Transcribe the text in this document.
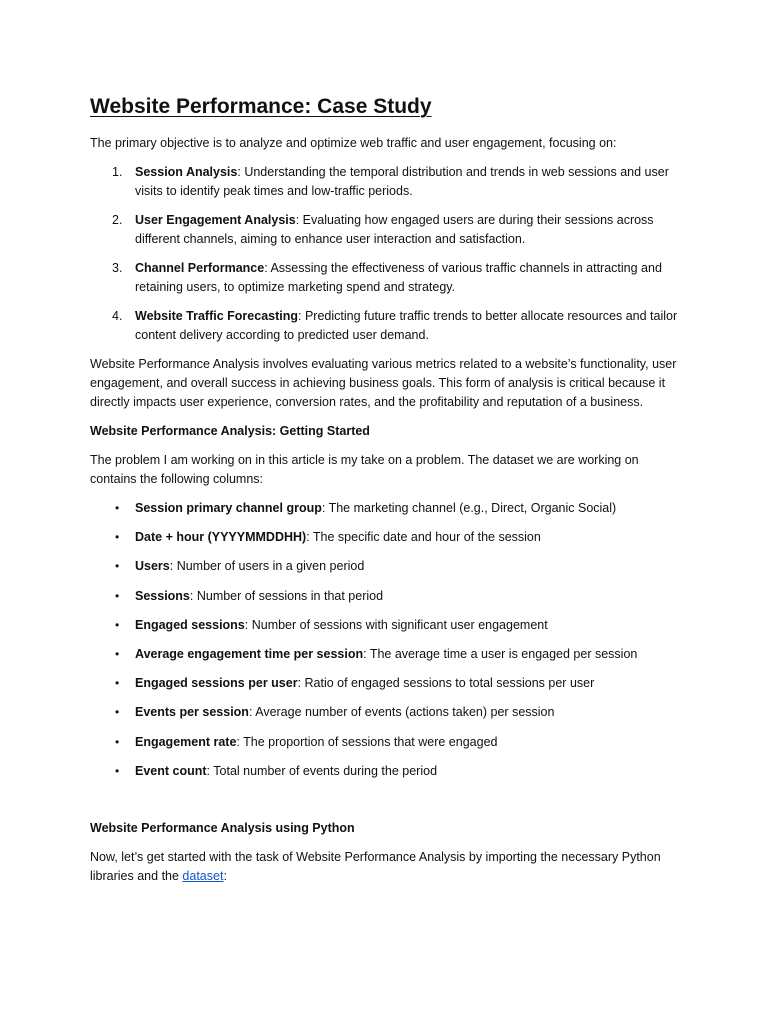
Website Performance: Case Study

The primary objective is to analyze and optimize web traffic and user engagement, focusing on:

1. Session Analysis: Understanding the temporal distribution and trends in web sessions and user visits to identify peak times and low-traffic periods.
2. User Engagement Analysis: Evaluating how engaged users are during their sessions across different channels, aiming to enhance user interaction and satisfaction.
3. Channel Performance: Assessing the effectiveness of various traffic channels in attracting and retaining users, to optimize marketing spend and strategy.
4. Website Traffic Forecasting: Predicting future traffic trends to better allocate resources and tailor content delivery according to predicted user demand.

Website Performance Analysis involves evaluating various metrics related to a website’s functionality, user engagement, and overall success in achieving business goals. This form of analysis is critical because it directly impacts user experience, conversion rates, and the profitability and reputation of a business.

Website Performance Analysis: Getting Started

The problem I am working on in this article is my take on a problem. The dataset we are working on contains the following columns:

• Session primary channel group: The marketing channel (e.g., Direct, Organic Social)
• Date + hour (YYYYMMDDHH): The specific date and hour of the session
• Users: Number of users in a given period
• Sessions: Number of sessions in that period
• Engaged sessions: Number of sessions with significant user engagement
• Average engagement time per session: The average time a user is engaged per session
• Engaged sessions per user: Ratio of engaged sessions to total sessions per user
• Events per session: Average number of events (actions taken) per session
• Engagement rate: The proportion of sessions that were engaged
• Event count: Total number of events during the period

Website Performance Analysis using Python

Now, let’s get started with the task of Website Performance Analysis by importing the necessary Python libraries and the dataset:
